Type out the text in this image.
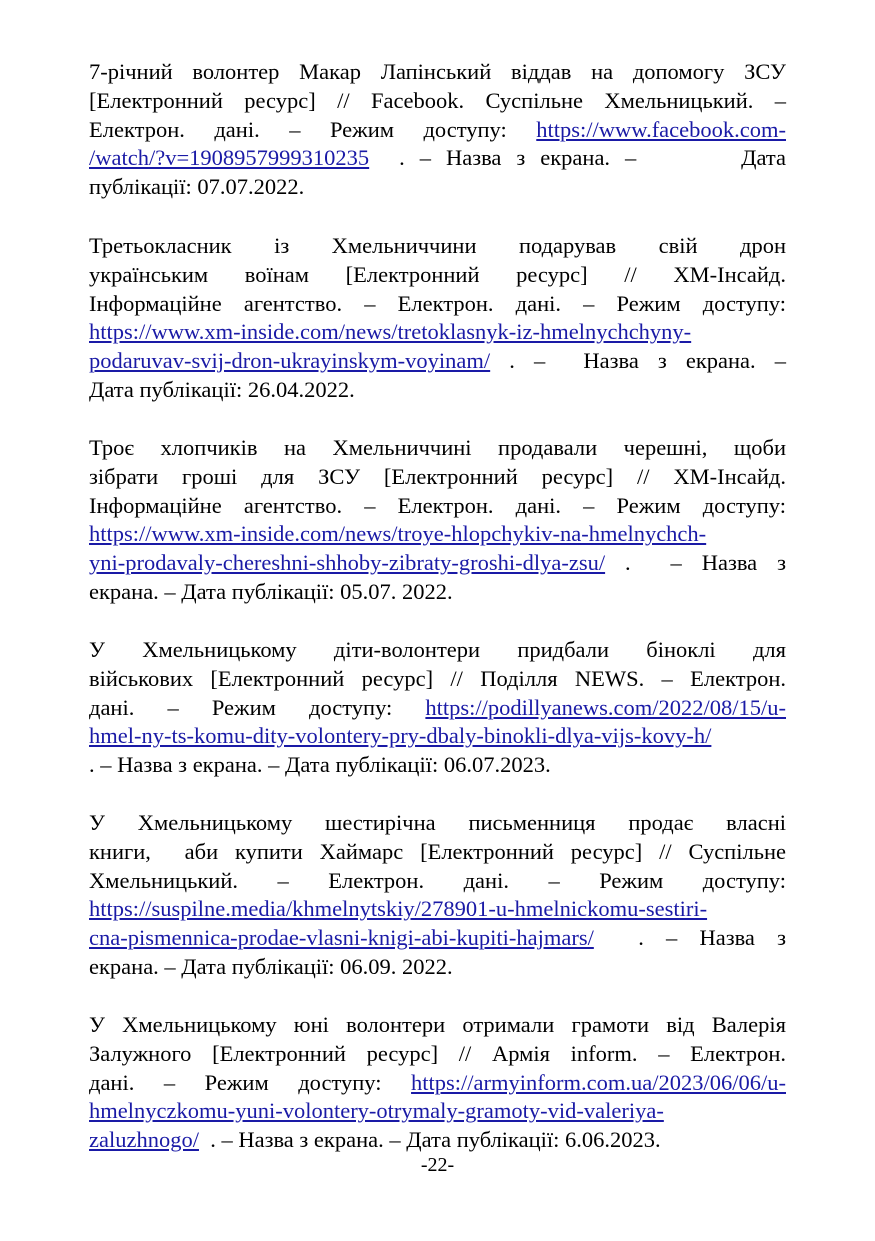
7-річний волонтер Макар Лапінський віддав на допомогу ЗСУ
[Електронний ресурс] // Facebook. Суспільне Хмельницький. –
Електрон. дані. – Режим доступу: https://www.facebook.com-
/watch/?v=1908957999310235  . – Назва з екрана. –       Дата
публікації: 07.07.2022.
Третьокласник із Хмельниччини подарував свій дрон
українським воїнам [Електронний ресурс] // ХМ-Інсайд.
Інформаційне агентство. – Електрон. дані. – Режим доступу:
https://www.xm-inside.com/news/tretoklasnyk-iz-hmelnychchyny-
podaruvav-svij-dron-ukrayinskym-voyinam/ . –  Назва з екрана. –
Дата публікації: 26.04.2022.
Троє хлопчиків на Хмельниччині продавали черешні, щоби
зібрати гроші для ЗСУ [Електронний ресурс] // ХМ-Інсайд.
Інформаційне агентство. – Електрон. дані. – Режим доступу:
https://www.xm-inside.com/news/troye-hlopchykiv-na-hmelnychch-
yni-prodavaly-chereshni-shhoby-zibraty-groshi-dlya-zsu/ .  – Назва з
екрана. – Дата публікації: 05.07. 2022.
У Хмельницькому діти-волонтери придбали біноклі для
військових [Електронний ресурс] // Поділля NEWS. – Електрон.
дані. – Режим доступу: https://podillyanews.com/2022/08/15/u-
hmel-ny-ts-komu-dity-volontery-pry-dbaly-binokli-dlya-vijs-kovy-h/
. – Назва з екрана. – Дата публікації: 06.07.2023.
У Хмельницькому шестирічна письменниця продає власні
книги,  аби купити Хаймарс [Електронний ресурс] // Суспільне
Хмельницький. – Електрон. дані. – Режим доступу:
https://suspilne.media/khmelnytskiy/278901-u-hmelnickomu-sestiri-
cna-pismennica-prodae-vlasni-knigi-abi-kupiti-hajmars/  . – Назва з
екрана. – Дата публікації: 06.09. 2022.
У Хмельницькому юні волонтери отримали грамоти від Валерія
Залужного [Електронний ресурс] // Армія inform. – Електрон.
дані. – Режим доступу: https://armyinform.com.ua/2023/06/06/u-
hmelnyczkomu-yuni-volontery-otrymaly-gramoty-vid-valeriya-
zaluzhnogo/  . – Назва з екрана. – Дата публікації: 6.06.2023.
-22-
